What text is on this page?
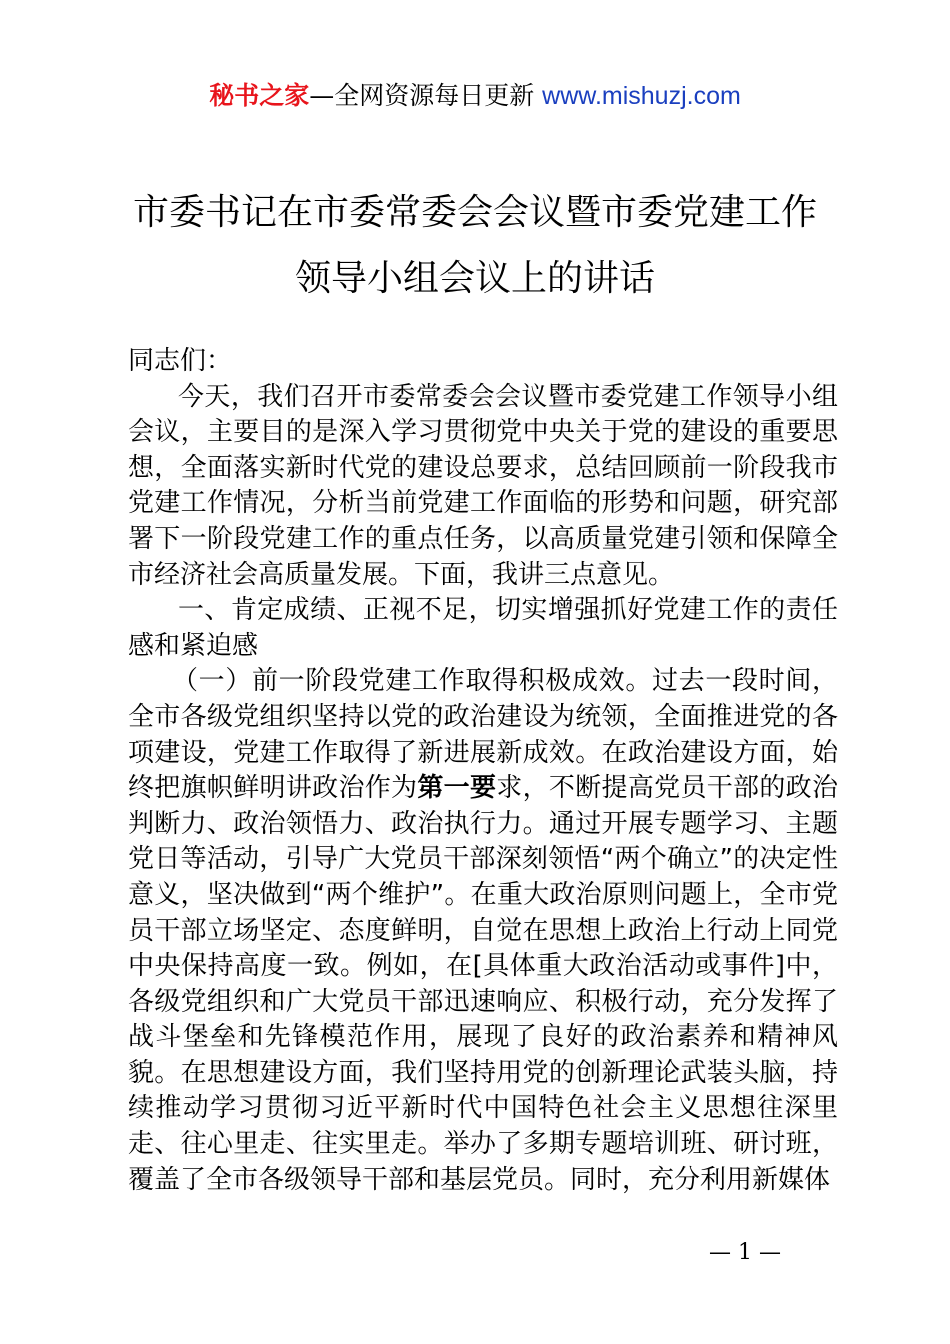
秘书之家—全网资源每日更新 www.mishuzj.com
市委书记在市委常委会会议暨市委党建工作
领导小组会议上的讲话

同志们：

今天，我们召开市委常委会会议暨市委党建工作领导小组会议，主要目的是深入学习贯彻党中央关于党的建设的重要思想，全面落实新时代党的建设总要求，总结回顾前一阶段我市党建工作情况，分析当前党建工作面临的形势和问题，研究部署下一阶段党建工作的重点任务，以高质量党建引领和保障全市经济社会高质量发展。下面，我讲三点意见。

一、肯定成绩、正视不足，切实增强抓好党建工作的责任感和紧迫感

（一）前一阶段党建工作取得积极成效。过去一段时间，全市各级党组织坚持以党的政治建设为统领，全面推进党的各项建设，党建工作取得了新进展新成效。在政治建设方面，始终把旗帜鲜明讲政治作为第一要求，不断提高党员干部的政治判断力、政治领悟力、政治执行力。通过开展专题学习、主题党日等活动，引导广大党员干部深刻领悟“两个确立”的决定性意义，坚决做到“两个维护”。在重大政治原则问题上，全市党员干部立场坚定、态度鲜明，自觉在思想上政治上行动上同党中央保持高度一致。例如，在[具体重大政治活动或事件]中，各级党组织和广大党员干部迅速响应、积极行动，充分发挥了战斗堡垒和先锋模范作用，展现了良好的政治素养和精神风貌。在思想建设方面，我们坚持用党的创新理论武装头脑，持续推动学习贯彻习近平新时代中国特色社会主义思想往深里走、往心里走、往实里走。举办了多期专题培训班、研讨班，覆盖了全市各级领导干部和基层党员。同时，充分利用新媒体

— 1 —
